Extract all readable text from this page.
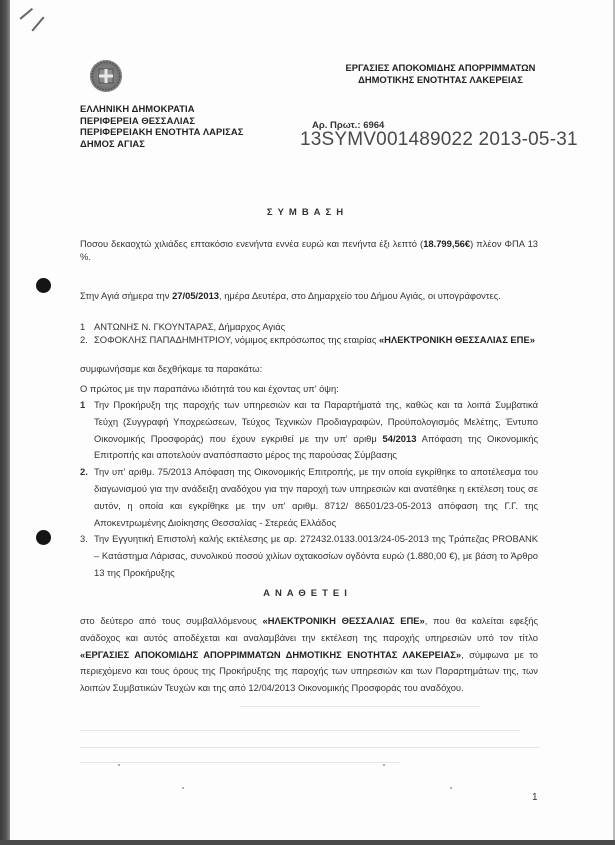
ΕΛΛΗΝΙΚΗ ΔΗΜΟΚΡΑΤΙΑ
ΠΕΡΙΦΕΡΕΙΑ ΘΕΣΣΑΛΙΑΣ
ΠΕΡΙΦΕΡΕΙΑΚΗ ΕΝΟΤΗΤΑ ΛΑΡΙΣΑΣ
ΔΗΜΟΣ ΑΓΙΑΣ
ΕΡΓΑΣΙΕΣ ΑΠΟΚΟΜΙΔΗΣ ΑΠΟΡΡΙΜΜΑΤΩΝ
ΔΗΜΟΤΙΚΗΣ ΕΝΟΤΗΤΑΣ ΛΑΚΕΡΕΙΑΣ
Αρ. Πρωτ.: 6964
13SYMV001489022 2013-05-31
ΣΥΜΒΑΣΗ
Ποσου δεκαοχτώ χιλιάδες επτακόσιο ενενήντα εννέα ευρώ και πενήντα έξι λεπτό (18.799,56€) πλέον ΦΠΑ 13 %.
Στην Αγιά σήμερα την 27/05/2013, ημέρα Δευτέρα, στο Δημαρχείο του Δήμου Αγιάς, οι υπογράφοντες.
1 ΑΝΤΩΝΗΣ Ν. ΓΚΟΥΝΤΑΡΑΣ, Δήμαρχος Αγιάς
2. ΣΟΦΟΚΛΗΣ ΠΑΠΑΔΗΜΗΤΡΙΟΥ, νόμιμος εκπρόσωπος της εταιρίας «ΗΛΕΚΤΡΟΝΙΚΗ ΘΕΣΣΑΛΙΑΣ ΕΠΕ»
συμφωνήσαμε και δεχθήκαμε τα παρακάτω:
Ο πρώτος με την παραπάνω ιδιότητά του και έχοντας υπ' όψη:
1 Την Προκήρυξη της παροχής των υπηρεσιών και τα Παραρτήματά της, καθώς και τα λοιπά Συμβατικά Τεύχη (Συγγραφή Υποχρεώσεων, Τεύχος Τεχνικών Προδιαγραφών, Προϋπολογισμός Μελέτης, Έντυπο Οικονομικής Προσφοράς) που έχουν εγκριθεί με την υπ' αριθμ 54/2013 Απόφαση της Οικονομικής Επιτροπής και αποτελούν αναπόσπαστο μέρος της παρούσας Σύμβασης
2. Την υπ' αριθμ. 75/2013 Απόφαση της Οικονομικής Επιτροπής, με την οποία εγκρίθηκε το αποτέλεσμα του διαγωνισμού για την ανάδειξη αναδόχου για την παροχή των υπηρεσιών και ανατέθηκε η εκτέλεση τους σε αυτόν, η οποία και εγκρίθηκε με την υπ' αριθμ. 8712/ 86501/23-05-2013 απόφαση της Γ.Γ. της Αποκεντρωμένης Διοίκησης Θεσσαλίας - Στερεάς Ελλάδος
3. Την Εγγυητική Επιστολή καλής εκτέλεσης με αρ. 272432.0133.0013/24-05-2013 της Τράπεζας PROBANK – Κατάστημα Λάρισας, συνολικού ποσού χιλίων οχτακοσίων ογδόντα ευρώ (1.880,00 €), με βάση το Άρθρο 13 της Προκήρυξης
ΑΝΑΘΕΤΕΙ
στο δεύτερο από τους συμβαλλόμενους «ΗΛΕΚΤΡΟΝΙΚΗ ΘΕΣΣΑΛΙΑΣ ΕΠΕ», που θα καλείται εφεξής ανάδοχος και αυτός αποδέχεται και αναλαμβάνει την εκτέλεση της παροχής υπηρεσιών υπό τον τίτλο «ΕΡΓΑΣΙΕΣ ΑΠΟΚΟΜΙΔΗΣ ΑΠΟΡΡΙΜΜΑΤΩΝ ΔΗΜΟΤΙΚΗΣ ΕΝΟΤΗΤΑΣ ΛΑΚΕΡΕΙΑΣ», σύμφωνα με το περιεχόμενο και τους όρους της Προκήρυξης της παροχής των υπηρεσιών και των Παραρτημάτων της, των λοιπών Συμβατικών Τευχών και της από 12/04/2013 Οικονομικής Προσφοράς του αναδόχου.
1
